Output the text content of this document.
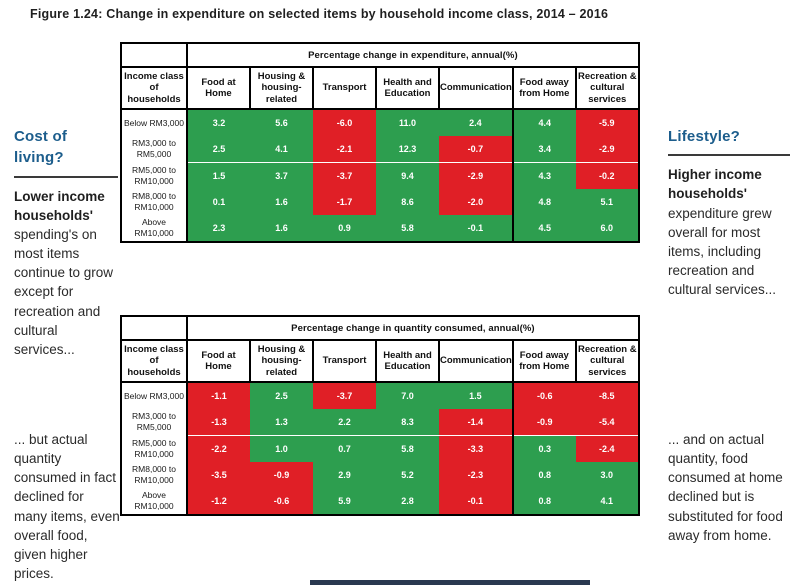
Figure 1.24: Change in expenditure on selected items by household income class, 2014 – 2016
Cost of living?
Lower income households' spending's on most items continue to grow except for recreation and cultural services...
Lifestyle?
Higher income households' expenditure grew overall for most items, including recreation and cultural services...
... but actual quantity consumed in fact declined for many items, even overall food, given higher prices.
... and on actual quantity, food consumed at home declined but is substituted for food away from home.
	Percentage change in expenditure, annual(%)						
Income class of households	Food at Home	Housing & housing-related	Transport	Health and Education	Communication	Food away from Home	Recreation & cultural services
Below RM3,000	3.2	5.6	-6.0	11.0	2.4	4.4	-5.9
RM3,000 to RM5,000	2.5	4.1	-2.1	12.3	-0.7	3.4	-2.9
RM5,000 to RM10,000	1.5	3.7	-3.7	9.4	-2.9	4.3	-0.2
RM8,000 to RM10,000	0.1	1.6	-1.7	8.6	-2.0	4.8	5.1
Above RM10,000	2.3	1.6	0.9	5.8	-0.1	4.5	6.0
	Percentage change in quantity consumed, annual(%)						
Income class of households	Food at Home	Housing & housing-related	Transport	Health and Education	Communication	Food away from Home	Recreation & cultural services
Below RM3,000	-1.1	2.5	-3.7	7.0	1.5	-0.6	-8.5
RM3,000 to RM5,000	-1.3	1.3	2.2	8.3	-1.4	-0.9	-5.4
RM5,000 to RM10,000	-2.2	1.0	0.7	5.8	-3.3	0.3	-2.4
RM8,000 to RM10,000	-3.5	-0.9	2.9	5.2	-2.3	0.8	3.0
Above RM10,000	-1.2	-0.6	5.9	2.8	-0.1	0.8	4.1
